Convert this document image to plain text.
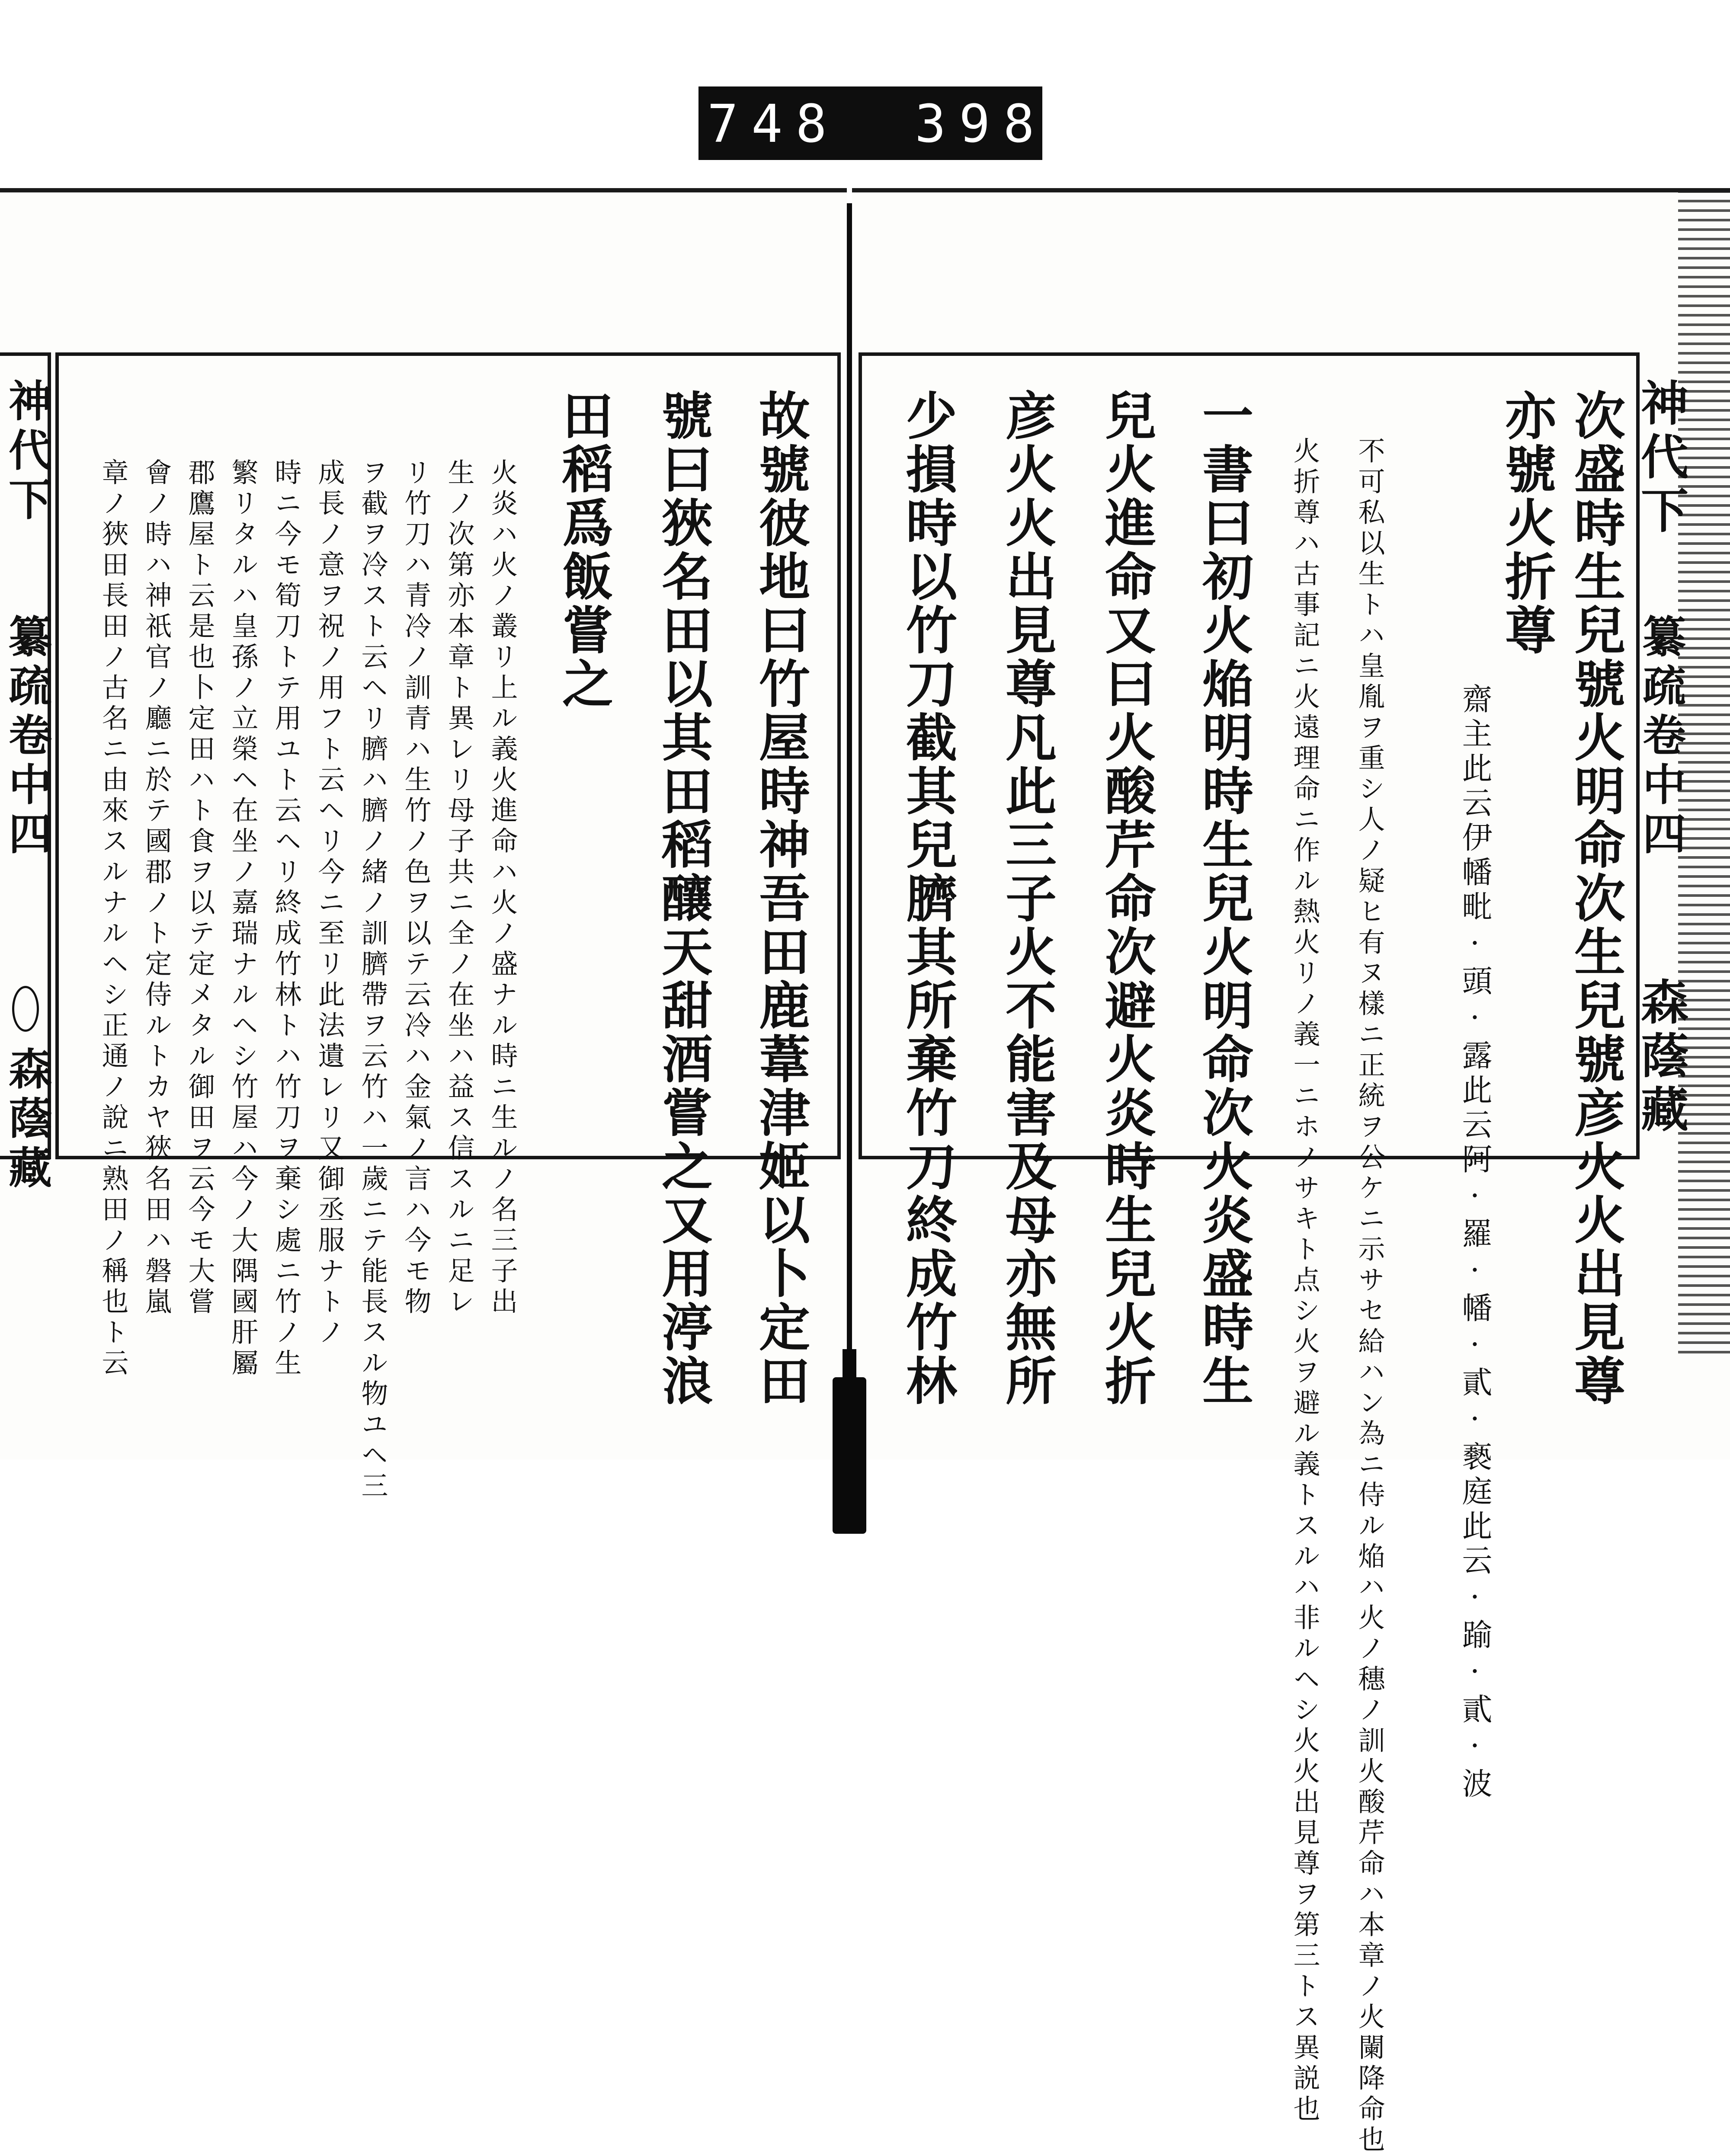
748 398.
神代下
纂疏卷中四
森蔭藏
神代下
纂疏卷中四
森蔭藏
次盛時生兒號火明命次生兒號彦火火出見尊
亦號火折尊
齋主此云伊幡毗·頭·露此云阿·羅·幡·貳·褻庭此云·踰·貳·波
不可私以生トハ皇胤ヲ重シ人ノ疑ヒ有ヌ樣ニ正統ヲ公ケニ示サセ給ハン為ニ侍ル焔ハ火ノ穗ノ訓火酸芹命ハ本章ノ火闌降命也
火折尊ハ古事記ニ火遠理命ニ作ル熱火リノ義一ニホノサキト点シ火ヲ避ル義トスルハ非ルヘシ火火出見尊ヲ第三トス異説也
一書曰初火焔明時生兒火明命次火炎盛時生
兒火進命又曰火酸芹命次避火炎時生兒火折
彦火火出見尊凡此三子火不能害及母亦無所
少損時以竹刀截其兒臍其所棄竹刀終成竹林
故號彼地曰竹屋時神吾田鹿葦津姬以卜定田
號曰狹名田以其田稻釀天甜酒嘗之又用渟浪
田稻爲飯嘗之
火炎ハ火ノ叢リ上ル義火進命ハ火ノ盛ナル時ニ生ルノ名三子出
生ノ次第亦本章ト異レリ母子共ニ全ノ在坐ハ益ス信スルニ足レ
リ竹刀ハ青冷ノ訓青ハ生竹ノ色ヲ以テ云冷ハ金氣ノ言ハ今モ物
ヲ截ヲ冷スト云ヘリ臍ハ臍ノ緒ノ訓臍帶ヲ云竹ハ一歲ニテ能長スル物ユヘ三
成長ノ意ヲ祝ノ用フト云ヘリ今ニ至リ此法遺レリ又御丞服ナトノ
時ニ今モ筍刀トテ用ユト云ヘリ終成竹林トハ竹刀ヲ棄シ處ニ竹ノ生
繁リタルハ皇孫ノ立榮ヘ在坐ノ嘉瑞ナルヘシ竹屋ハ今ノ大隅國肝屬
郡鷹屋ト云是也卜定田ハト食ヲ以テ定メタル御田ヲ云今モ大嘗
會ノ時ハ神祇官ノ廳ニ於テ國郡ノト定侍ルトカヤ狹名田ハ磐嵐
章ノ狹田長田ノ古名ニ由來スルナルヘシ正通ノ說ニ熟田ノ稱也ト云
